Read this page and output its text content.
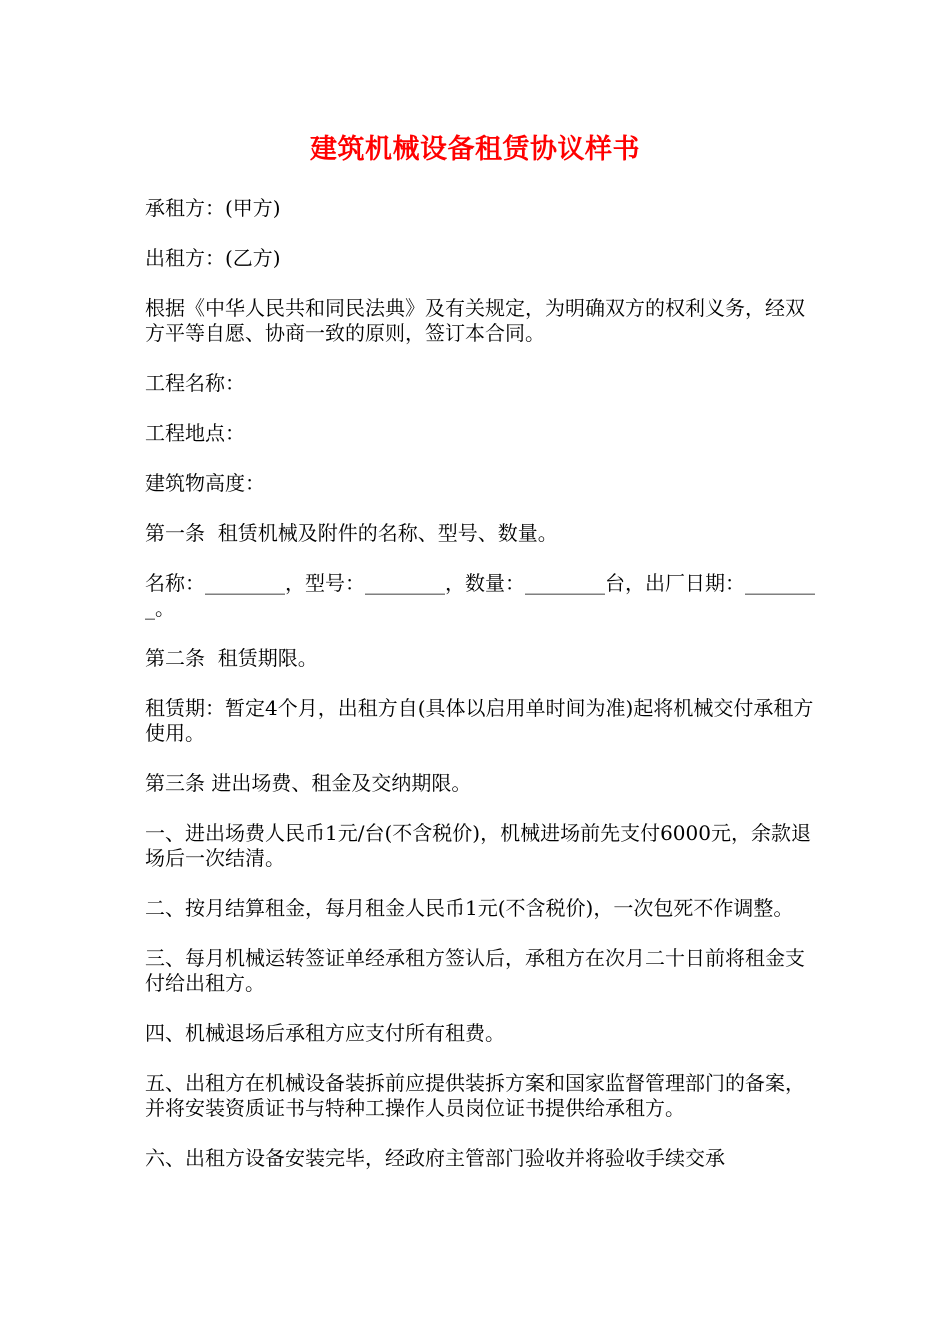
建筑机械设备租赁协议样书

承租方：(甲方)

出租方：(乙方)

根据《中华人民共和同民法典》及有关规定，为明确双方的权利义务，经双方平等自愿、协商一致的原则，签订本合同。

工程名称：

工程地点：

建筑物高度：

第一条  租赁机械及附件的名称、型号、数量。

名称：________，型号：________，数量：________台，出厂日期：________。

第二条  租赁期限。

租赁期：暂定4个月，出租方自(具体以启用单时间为准)起将机械交付承租方使用。

第三条 进出场费、租金及交纳期限。

一、进出场费人民币1元/台(不含税价)，机械进场前先支付6000元，余款退场后一次结清。

二、按月结算租金，每月租金人民币1元(不含税价)，一次包死不作调整。

三、每月机械运转签证单经承租方签认后，承租方在次月二十日前将租金支付给出租方。

四、机械退场后承租方应支付所有租费。

五、出租方在机械设备装拆前应提供装拆方案和国家监督管理部门的备案，并将安装资质证书与特种工操作人员岗位证书提供给承租方。

六、出租方设备安装完毕，经政府主管部门验收并将验收手续交承
